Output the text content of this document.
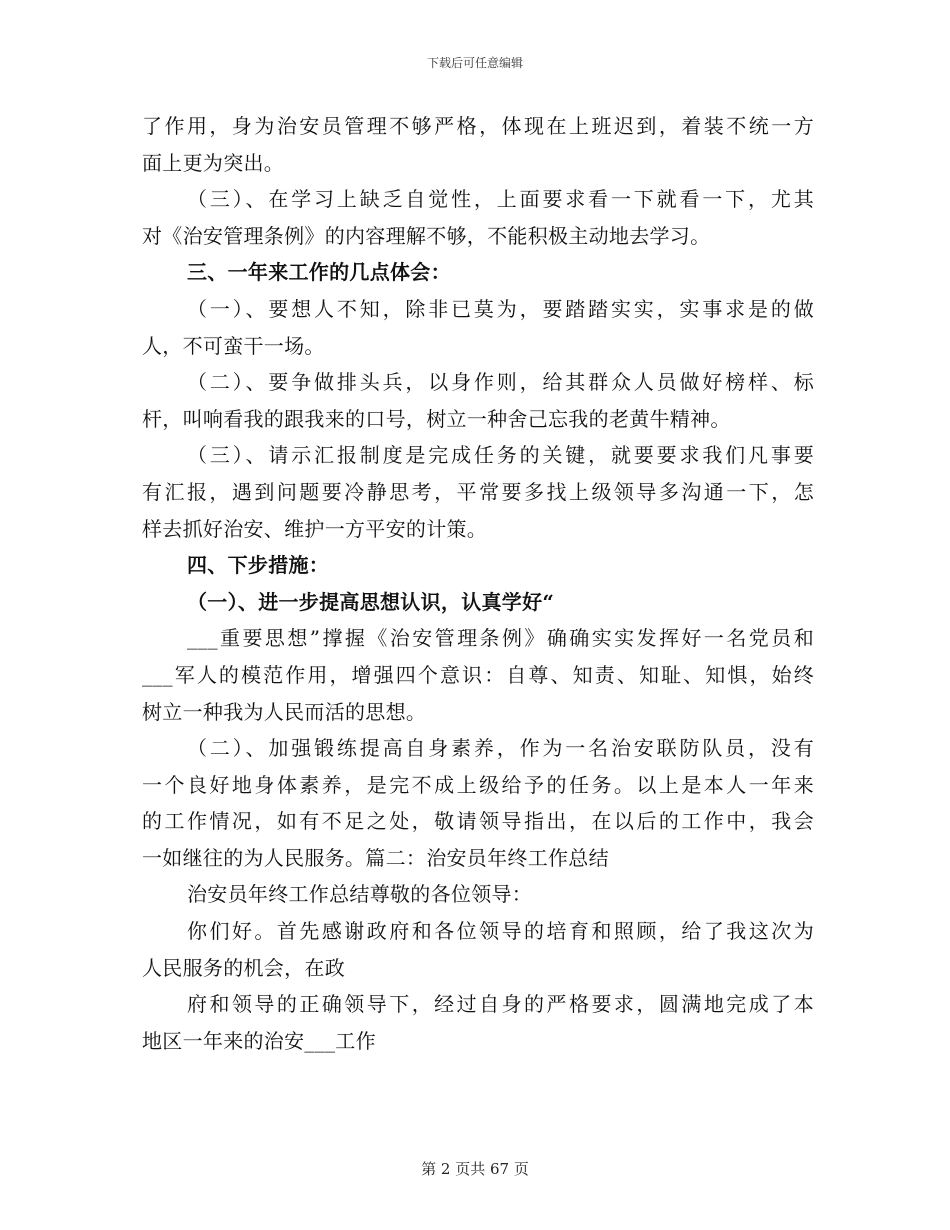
下载后可任意编辑
了作用，身为治安员管理不够严格，体现在上班迟到，着装不统一方
面上更为突出。
（三）、在学习上缺乏自觉性，上面要求看一下就看一下，尤其
对《治安管理条例》的内容理解不够，不能积极主动地去学习。
三、一年来工作的几点体会：
（一）、要想人不知，除非已莫为，要踏踏实实，实事求是的做
人，不可蛮干一场。
（二）、要争做排头兵，以身作则，给其群众人员做好榜样、标
杆，叫响看我的跟我来的口号，树立一种舍己忘我的老黄牛精神。
（三）、请示汇报制度是完成任务的关键，就要要求我们凡事要
有汇报，遇到问题要冷静思考，平常要多找上级领导多沟通一下，怎
样去抓好治安、维护一方平安的计策。
四、下步措施：
（一）、进一步提高思想认识，认真学好“
___重要思想”撑握《治安管理条例》确确实实发挥好一名党员和
___军人的模范作用，增强四个意识：自尊、知责、知耻、知惧，始终
树立一种我为人民而活的思想。
（二）、加强锻练提高自身素养，作为一名治安联防队员，没有
一个良好地身体素养，是完不成上级给予的任务。以上是本人一年来
的工作情况，如有不足之处，敬请领导指出，在以后的工作中，我会
一如继往的为人民服务。篇二：治安员年终工作总结
治安员年终工作总结尊敬的各位领导：
你们好。首先感谢政府和各位领导的培育和照顾，给了我这次为
人民服务的机会，在政
府和领导的正确领导下，经过自身的严格要求，圆满地完成了本
地区一年来的治安___工作
第 2 页共 67 页
